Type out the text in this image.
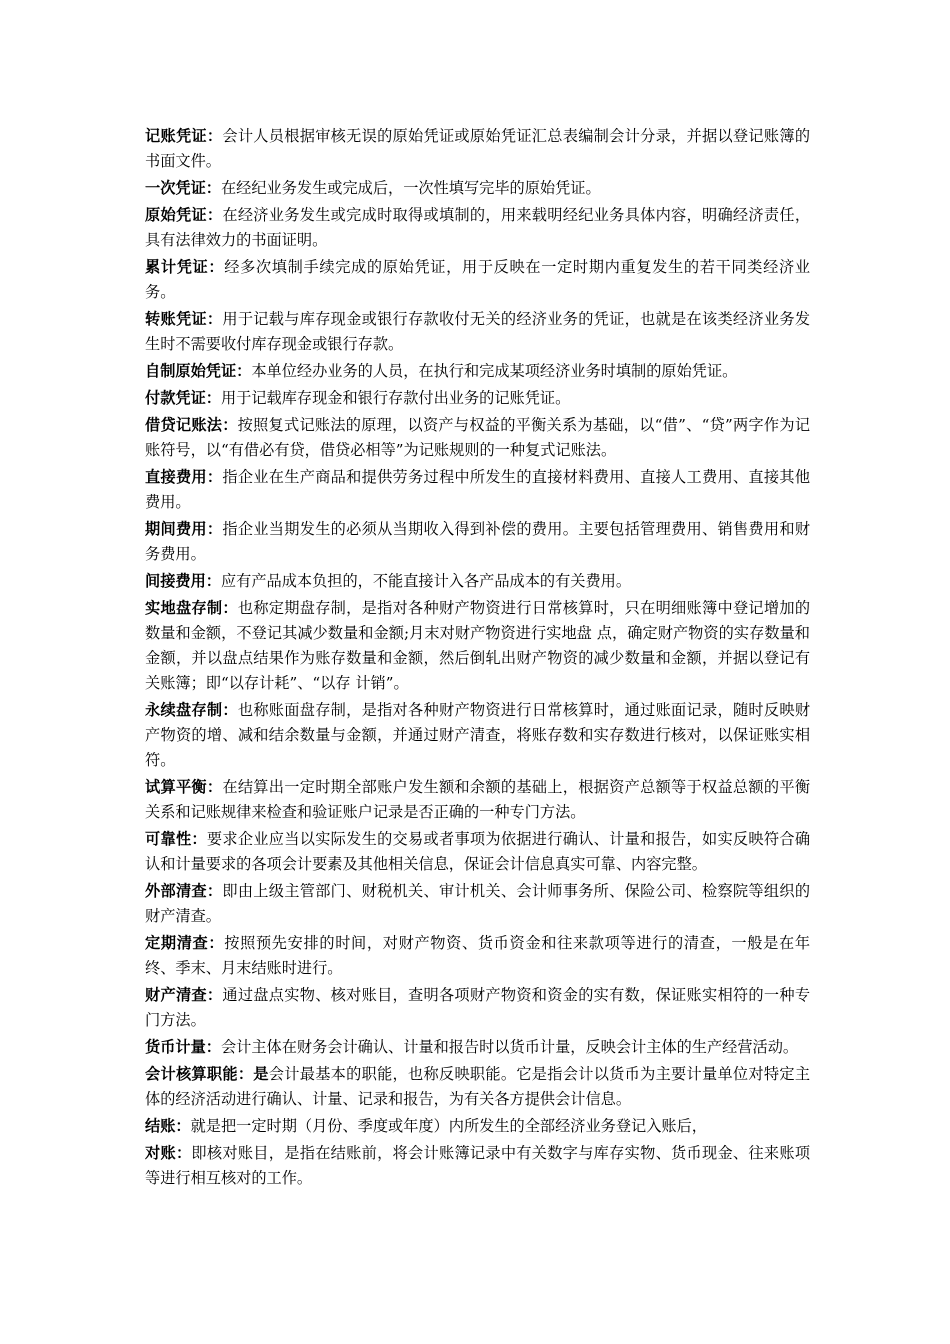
记账凭证：会计人员根据审核无误的原始凭证或原始凭证汇总表编制会计分录，并据以登记账簿的书面文件。

一次凭证：在经纪业务发生或完成后，一次性填写完毕的原始凭证。

原始凭证：在经济业务发生或完成时取得或填制的，用来载明经纪业务具体内容，明确经济责任，具有法律效力的书面证明。

累计凭证：经多次填制手续完成的原始凭证，用于反映在一定时期内重复发生的若干同类经济业务。

转账凭证：用于记载与库存现金或银行存款收付无关的经济业务的凭证，也就是在该类经济业务发生时不需要收付库存现金或银行存款。

自制原始凭证：本单位经办业务的人员，在执行和完成某项经济业务时填制的原始凭证。

付款凭证：用于记载库存现金和银行存款付出业务的记账凭证。

借贷记账法：按照复式记账法的原理，以资产与权益的平衡关系为基础，以“借”、“贷”两字作为记账符号，以“有借必有贷，借贷必相等”为记账规则的一种复式记账法。

直接费用：指企业在生产商品和提供劳务过程中所发生的直接材料费用、直接人工费用、直接其他费用。

期间费用：指企业当期发生的必须从当期收入得到补偿的费用。主要包括管理费用、销售费用和财务费用。

间接费用：应有产品成本负担的，不能直接计入各产品成本的有关费用。

实地盘存制：也称定期盘存制，是指对各种财产物资进行日常核算时，只在明细账簿中登记增加的数量和金额，不登记其减少数量和金额;月末对财产物资进行实地盘 点，确定财产物资的实存数量和金额，并以盘点结果作为账存数量和金额，然后倒轧出财产物资的减少数量和金额，并据以登记有关账簿；即“以存计耗”、“以存 计销”。

永续盘存制：也称账面盘存制，是指对各种财产物资进行日常核算时，通过账面记录，随时反映财产物资的增、减和结余数量与金额，并通过财产清查，将账存数和实存数进行核对，以保证账实相符。

试算平衡：在结算出一定时期全部账户发生额和余额的基础上，根据资产总额等于权益总额的平衡关系和记账规律来检查和验证账户记录是否正确的一种专门方法。

可靠性：要求企业应当以实际发生的交易或者事项为依据进行确认、计量和报告，如实反映符合确认和计量要求的各项会计要素及其他相关信息，保证会计信息真实可靠、内容完整。

外部清查：即由上级主管部门、财税机关、审计机关、会计师事务所、保险公司、检察院等组织的财产清查。

定期清查：按照预先安排的时间，对财产物资、货币资金和往来款项等进行的清查，一般是在年终、季末、月末结账时进行。

财产清查：通过盘点实物、核对账目，查明各项财产物资和资金的实有数，保证账实相符的一种专门方法。

货币计量：会计主体在财务会计确认、计量和报告时以货币计量，反映会计主体的生产经营活动。

会计核算职能：是会计最基本的职能，也称反映职能。它是指会计以货币为主要计量单位对特定主体的经济活动进行确认、计量、记录和报告，为有关各方提供会计信息。

结账：就是把一定时期（月份、季度或年度）内所发生的全部经济业务登记入账后，

对账：即核对账目，是指在结账前，将会计账簿记录中有关数字与库存实物、货币现金、往来账项等进行相互核对的工作。
